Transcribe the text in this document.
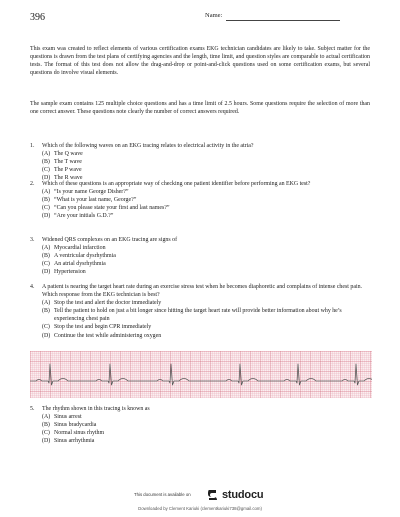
396	Name:

This exam was created to reflect elements of various certification exams EKG technician candidates are likely to take. Subject matter for the questions is drawn from the test plans of certifying agencies and the length, time limit, and question styles are comparable to actual certification tests. The format of this test does not allow the drag-and-drop or point-and-click questions used on some certification exams, but several questions do involve visual elements.

The sample exam contains 125 multiple choice questions and has a time limit of 2.5 hours. Some questions require the selection of more than one correct answer. These questions note clearly the number of correct answers required.

1.	Which of the following waves on an EKG tracing relates to electrical activity in the atria?
(A) The Q wave
(B) The T wave
(C) The P wave
(D) The R wave
2.	Which of these questions is an appropriate way of checking one patient identifier before performing an EKG test?
(A) “Is your name George Disher?”
(B) “What is your last name, George?”
(C) “Can you please state your first and last names?”
(D) “Are your initials G.D.?”
3.	Widened QRS complexes on an EKG tracing are signs of
(A) Myocardial infarction
(B) A ventricular dysrhythmia
(C) An atrial dysrhythmia
(D) Hypertension
4.	A patient is nearing the target heart rate during an exercise stress test when he becomes diaphoretic and complains of intense chest pain. Which response from the EKG technician is best?
(A) Stop the test and alert the doctor immediately
(B) Tell the patient to hold on just a bit longer since hitting the target heart rate will provide better information about why he’s experiencing chest pain
(C) Stop the test and begin CPR immediately
(D) Continue the test while administering oxygen
5.	The rhythm shown in this tracing is known as
(A) Sinus arrest
(B) Sinus bradycardia
(C) Normal sinus rhythm
(D) Sinus arrhythmia
This document is available on	studocu
Downloaded by Clement Kariuki (clementkariuki738@gmail.com)
